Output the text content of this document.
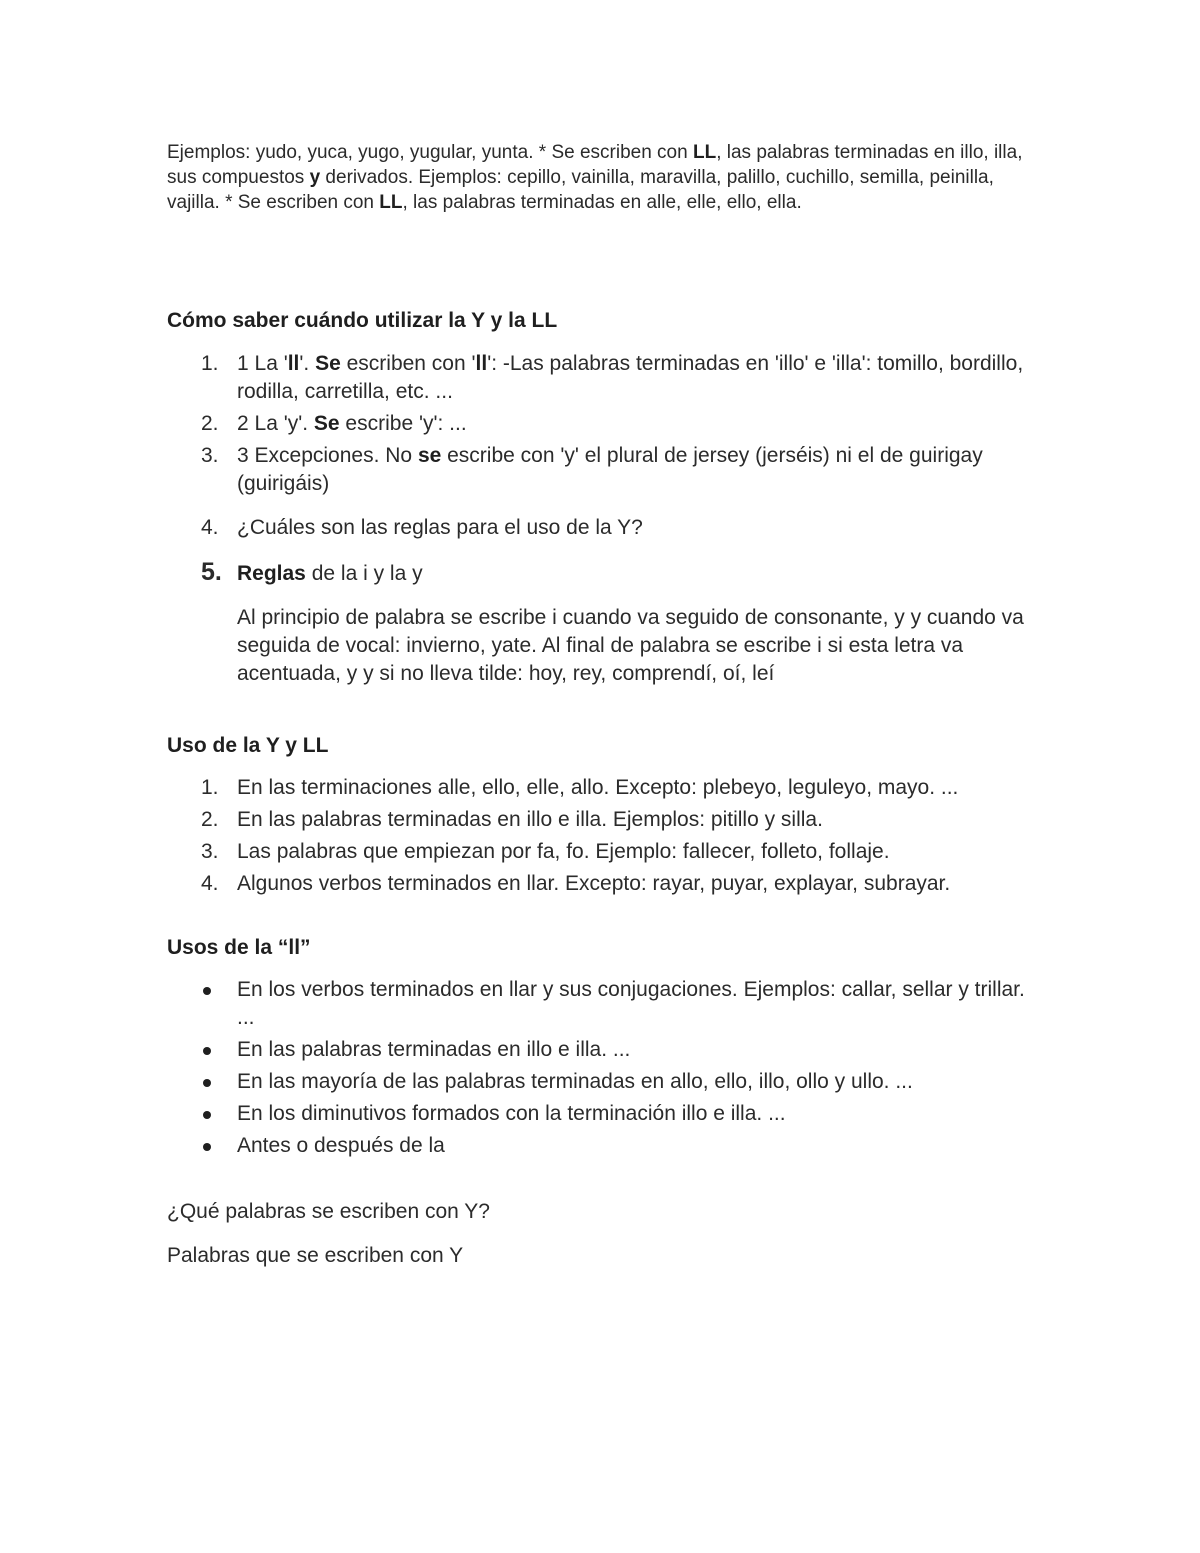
Ejemplos: yudo, yuca, yugo, yugular, yunta. * Se escriben con LL, las palabras terminadas en illo, illa, sus compuestos y derivados. Ejemplos: cepillo, vainilla, maravilla, palillo, cuchillo, semilla, peinilla, vajilla. * Se escriben con LL, las palabras terminadas en alle, elle, ello, ella.

Cómo saber cuándo utilizar la Y y la LL
1. 1 La 'll'. Se escriben con 'll': -Las palabras terminadas en 'illo' e 'illa': tomillo, bordillo, rodilla, carretilla, etc. ...
2. 2 La 'y'. Se escribe 'y': ...
3. 3 Excepciones. No se escribe con 'y' el plural de jersey (jerséis) ni el de guirigay (guirigáis)
4. ¿Cuáles son las reglas para el uso de la Y?
5. Reglas de la i y la y
Al principio de palabra se escribe i cuando va seguido de consonante, y y cuando va seguida de vocal: invierno, yate. Al final de palabra se escribe i si esta letra va acentuada, y y si no lleva tilde: hoy, rey, comprendí, oí, leí
Uso de la Y y LL
1. En las terminaciones alle, ello, elle, allo. Excepto: plebeyo, leguleyo, mayo. ...
2. En las palabras terminadas en illo e illa. Ejemplos: pitillo y silla.
3. Las palabras que empiezan por fa, fo. Ejemplo: fallecer, folleto, follaje.
4. Algunos verbos terminados en llar. Excepto: rayar, puyar, explayar, subrayar.
Usos de la “ll”
En los verbos terminados en llar y sus conjugaciones. Ejemplos: callar, sellar y trillar. ...
En las palabras terminadas en illo e illa. ...
En las mayoría de las palabras terminadas en allo, ello, illo, ollo y ullo. ...
En los diminutivos formados con la terminación illo e illa. ...
Antes o después de la

¿Qué palabras se escriben con Y?

Palabras que se escriben con Y
